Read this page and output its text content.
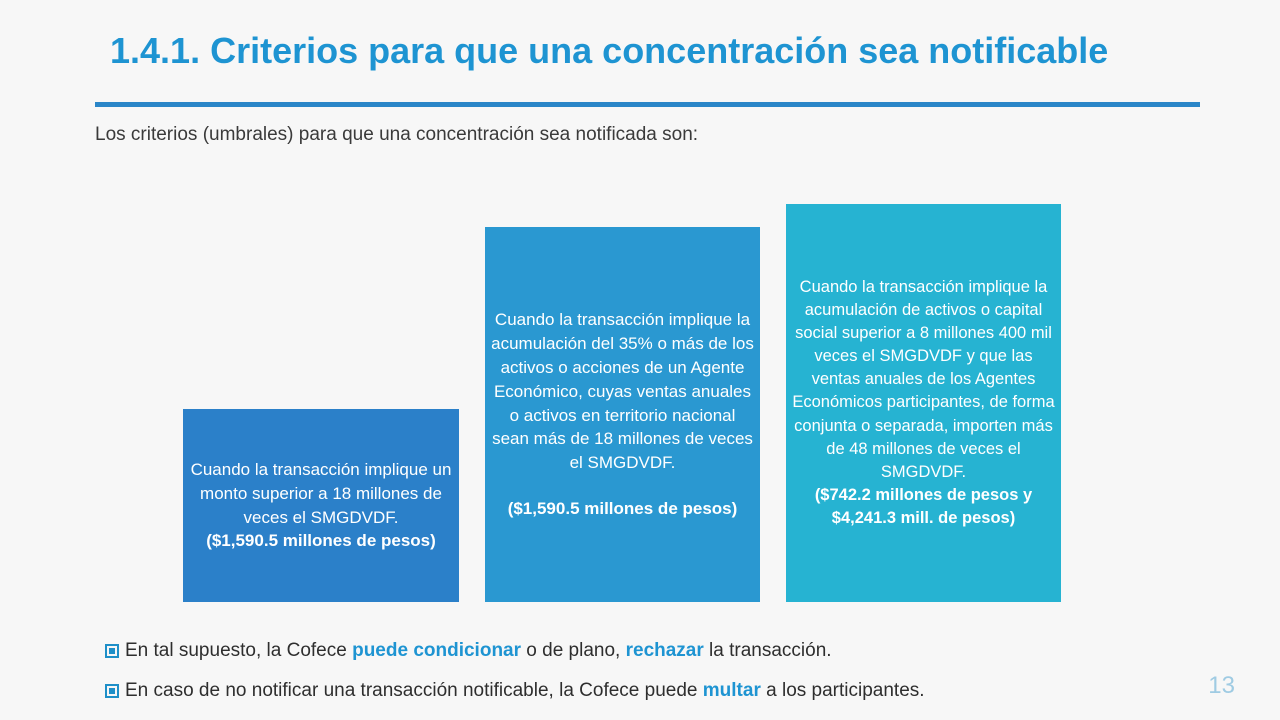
1.4.1. Criterios para que una concentración sea notificable
Los criterios (umbrales) para que una concentración sea notificada son:
Cuando la transacción implique un monto superior a 18 millones de veces el SMGDVDF.
($1,590.5 millones de pesos)
Cuando la transacción implique la acumulación del 35% o más de los activos o acciones de un Agente Económico, cuyas ventas anuales o activos en territorio nacional sean más de 18 millones de veces el SMGDVDF.
($1,590.5 millones de pesos)
Cuando la transacción implique la acumulación de activos o capital social superior a 8 millones 400 mil veces el SMGDVDF y que las ventas anuales de los Agentes Económicos participantes, de forma conjunta o separada, importen más de 48 millones de veces el SMGDVDF.
($742.2 millones de pesos y $4,241.3 mill. de pesos)
En tal supuesto, la Cofece puede condicionar o de plano, rechazar la transacción.
En caso de no notificar una transacción notificable, la Cofece puede multar a los participantes.	13
